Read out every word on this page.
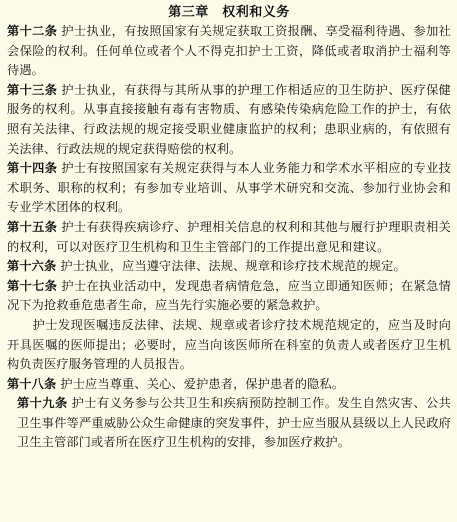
第三章　权利和义务

第十二条 护士执业，有按照国家有关规定获取工资报酬、享受福利待遇、参加社会保险的权利。任何单位或者个人不得克扣护士工资，降低或者取消护士福利等待遇。

第十三条 护士执业，有获得与其所从事的护理工作相适应的卫生防护、医疗保健服务的权利。从事直接接触有毒有害物质、有感染传染病危险工作的护士，有依照有关法律、行政法规的规定接受职业健康监护的权利；患职业病的，有依照有关法律、行政法规的规定获得赔偿的权利。

第十四条 护士有按照国家有关规定获得与本人业务能力和学术水平相应的专业技术职务、职称的权利；有参加专业培训、从事学术研究和交流、参加行业协会和专业学术团体的权利。

第十五条 护士有获得疾病诊疗、护理相关信息的权利和其他与履行护理职责相关的权利，可以对医疗卫生机构和卫生主管部门的工作提出意见和建议。

第十六条 护士执业，应当遵守法律、法规、规章和诊疗技术规范的规定。

第十七条 护士在执业活动中，发现患者病情危急，应当立即通知医师；在紧急情况下为抢救垂危患者生命，应当先行实施必要的紧急救护。

护士发现医嘱违反法律、法规、规章或者诊疗技术规范规定的，应当及时向开具医嘱的医师提出；必要时，应当向该医师所在科室的负责人或者医疗卫生机构负责医疗服务管理的人员报告。

第十八条 护士应当尊重、关心、爱护患者，保护患者的隐私。

第十九条 护士有义务参与公共卫生和疾病预防控制工作。发生自然灾害、公共卫生事件等严重威胁公众生命健康的突发事件，护士应当服从县级以上人民政府卫生主管部门或者所在医疗卫生机构的安排，参加医疗救护。
